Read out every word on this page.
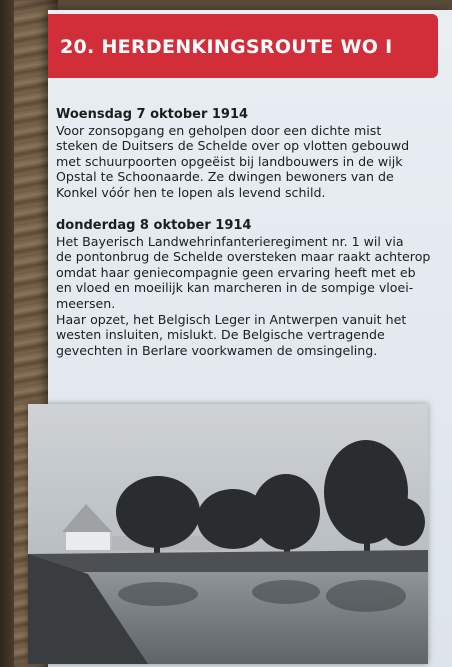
20. HERDENKINGSROUTE WO I
Woensdag 7 oktober 1914

Voor zonsopgang en geholpen door een dichte mist

steken de Duitsers de Schelde over op vlotten gebouwd

met schuurpoorten opgeëist bij landbouwers in de wijk

Opstal te Schoonaarde. Ze dwingen bewoners van de

Konkel vóór hen te lopen als levend schild.

donderdag 8 oktober 1914

Het Bayerisch Landwehrinfanterieregiment nr. 1 wil via

de pontonbrug de Schelde oversteken maar raakt achterop

omdat haar geniecompagnie geen ervaring heeft met eb

en vloed en moeilijk kan marcheren in de sompige vloei-

meersen.

Haar opzet, het Belgisch Leger in Antwerpen vanuit het

westen insluiten, mislukt. De Belgische vertragende

gevechten in Berlare voorkwamen de omsingeling.
